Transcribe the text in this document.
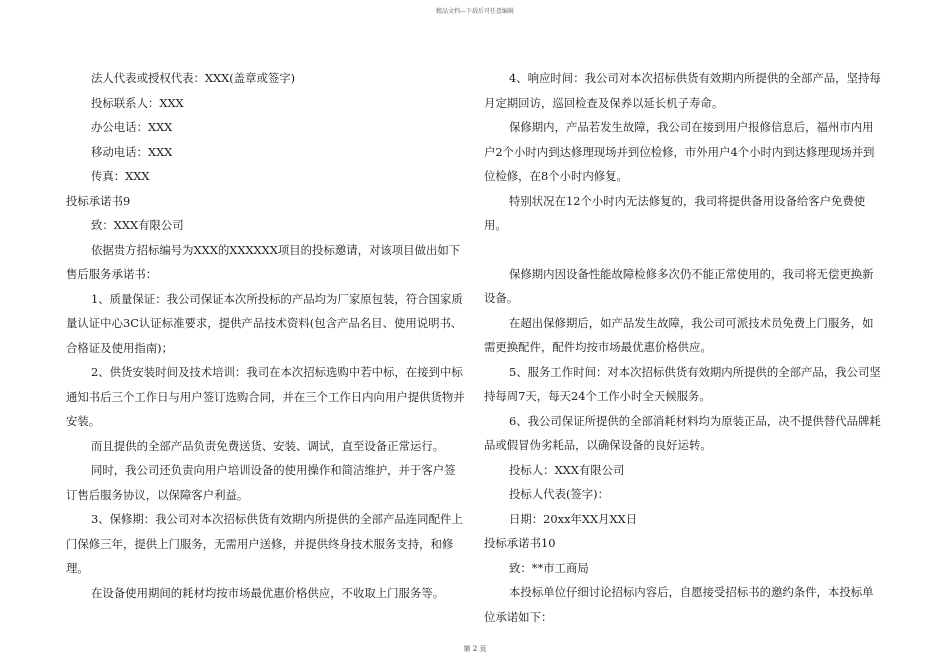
精品文档---下载后可任意编辑

法人代表或授权代表：XXX(盖章或签字)

投标联系人：XXX

办公电话：XXX

移动电话：XXX

传真：XXX

投标承诺书9

致：XXX有限公司

依据贵方招标编号为XXX的XXXXXX项目的投标邀请，对该项目做出如下售后服务承诺书：

1、质量保证：我公司保证本次所投标的产品均为厂家原包装，符合国家质量认证中心3C认证标准要求，提供产品技术资料(包含产品名目、使用说明书、合格证及使用指南)；

2、供货安装时间及技术培训：我司在本次招标选购中若中标，在接到中标通知书后三个工作日与用户签订选购合同，并在三个工作日内向用户提供货物并安装。

而且提供的全部产品负责免费送货、安装、调试，直至设备正常运行。

同时，我公司还负责向用户培训设备的使用操作和简洁维护，并于客户签订售后服务协议，以保障客户利益。

3、保修期：我公司对本次招标供货有效期内所提供的全部产品连同配件上门保修三年，提供上门服务，无需用户送修，并提供终身技术服务支持，和修理。

在设备使用期间的耗材均按市场最优惠价格供应，不收取上门服务等。

4、响应时间：我公司对本次招标供货有效期内所提供的全部产品，坚持每月定期回访，巡回检查及保养以延长机子寿命。

保修期内，产品若发生故障，我公司在接到用户报修信息后，福州市内用户2个小时内到达修理现场并到位检修，市外用户4个小时内到达修理现场并到位检修，在8个小时内修复。

特别状况在12个小时内无法修复的，我司将提供备用设备给客户免费使用。

保修期内因设备性能故障检修多次仍不能正常使用的，我司将无偿更换新设备。

在超出保修期后，如产品发生故障，我公司可派技术员免费上门服务，如需更换配件，配件均按市场最优惠价格供应。

5、服务工作时间：对本次招标供货有效期内所提供的全部产品，我公司坚持每周7天，每天24个工作小时全天候服务。

6、我公司保证所提供的全部消耗材料均为原装正品，决不提供替代品牌耗品或假冒伪劣耗品，以确保设备的良好运转。

投标人：XXX有限公司

投标人代表(签字)：

日期：20xx年XX月XX日

投标承诺书10

致：**市工商局

本投标单位仔细讨论招标内容后，自愿接受招标书的邀约条件，本投标单位承诺如下：

第 2 页
